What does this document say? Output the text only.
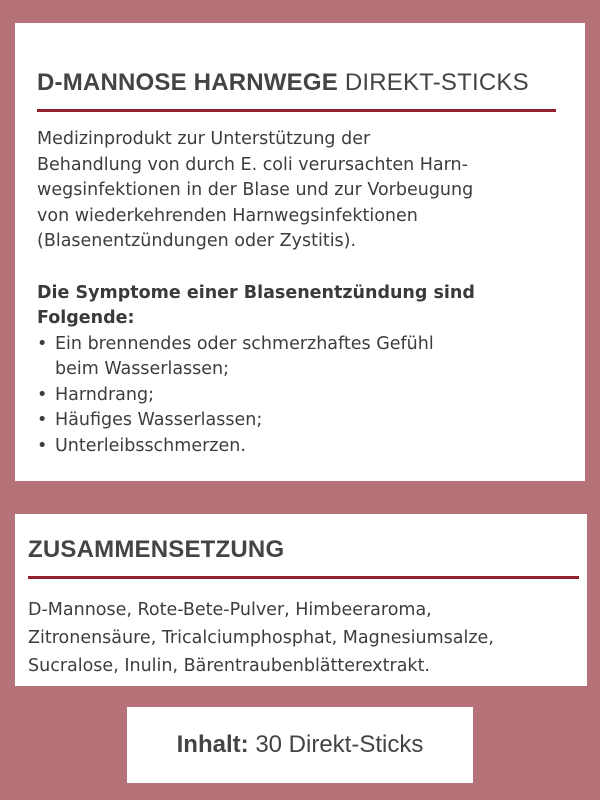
D-MANNOSE HARNWEGE DIREKT-STICKS
Medizinprodukt zur Unterstützung der
Behandlung von durch E. coli verursachten Harn-
wegsinfektionen in der Blase und zur Vorbeugung
von wiederkehrenden Harnwegsinfektionen
(Blasenentzündungen oder Zystitis).
Die Symptome einer Blasenentzündung sind
Folgende:
• Ein brennendes oder schmerzhaftes Gefühl
beim Wasserlassen;
• Harndrang;
• Häufiges Wasserlassen;
• Unterleibsschmerzen.
ZUSAMMENSETZUNG
D-Mannose, Rote-Bete-Pulver, Himbeeraroma,
Zitronensäure, Tricalciumphosphat, Magnesiumsalze,
Sucralose, Inulin, Bärentraubenblätterextrakt.
Inhalt: 30 Direkt-Sticks
